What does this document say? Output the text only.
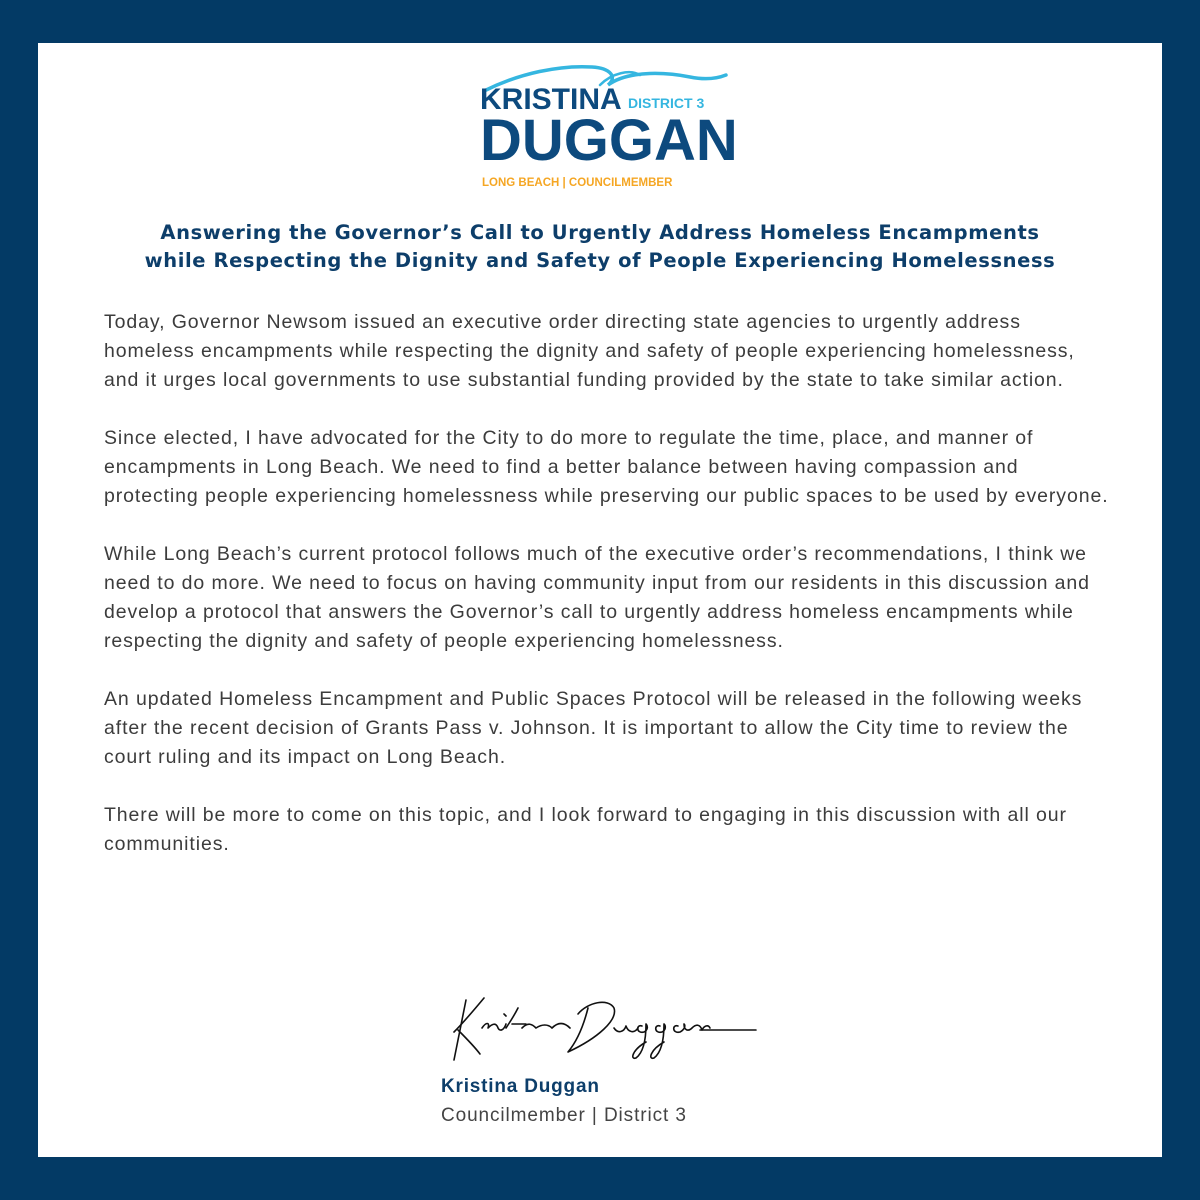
KRISTINA DISTRICT 3
DUGGAN
LONG BEACH | COUNCILMEMBER
Answering the Governor’s Call to Urgently Address Homeless Encampments
while Respecting the Dignity and Safety of People Experiencing Homelessness

Today, Governor Newsom issued an executive order directing state agencies to urgently address homeless encampments while respecting the dignity and safety of people experiencing homelessness, and it urges local governments to use substantial funding provided by the state to take similar action.

Since elected, I have advocated for the City to do more to regulate the time, place, and manner of encampments in Long Beach. We need to find a better balance between having compassion and protecting people experiencing homelessness while preserving our public spaces to be used by everyone.

While Long Beach’s current protocol follows much of the executive order’s recommendations, I think we need to do more. We need to focus on having community input from our residents in this discussion and develop a protocol that answers the Governor’s call to urgently address homeless encampments while respecting the dignity and safety of people experiencing homelessness.

An updated Homeless Encampment and Public Spaces Protocol will be released in the following weeks after the recent decision of Grants Pass v. Johnson. It is important to allow the City time to review the court ruling and its impact on Long Beach.

There will be more to come on this topic, and I look forward to engaging in this discussion with all our communities.

Kristina Duggan
Councilmember | District 3
